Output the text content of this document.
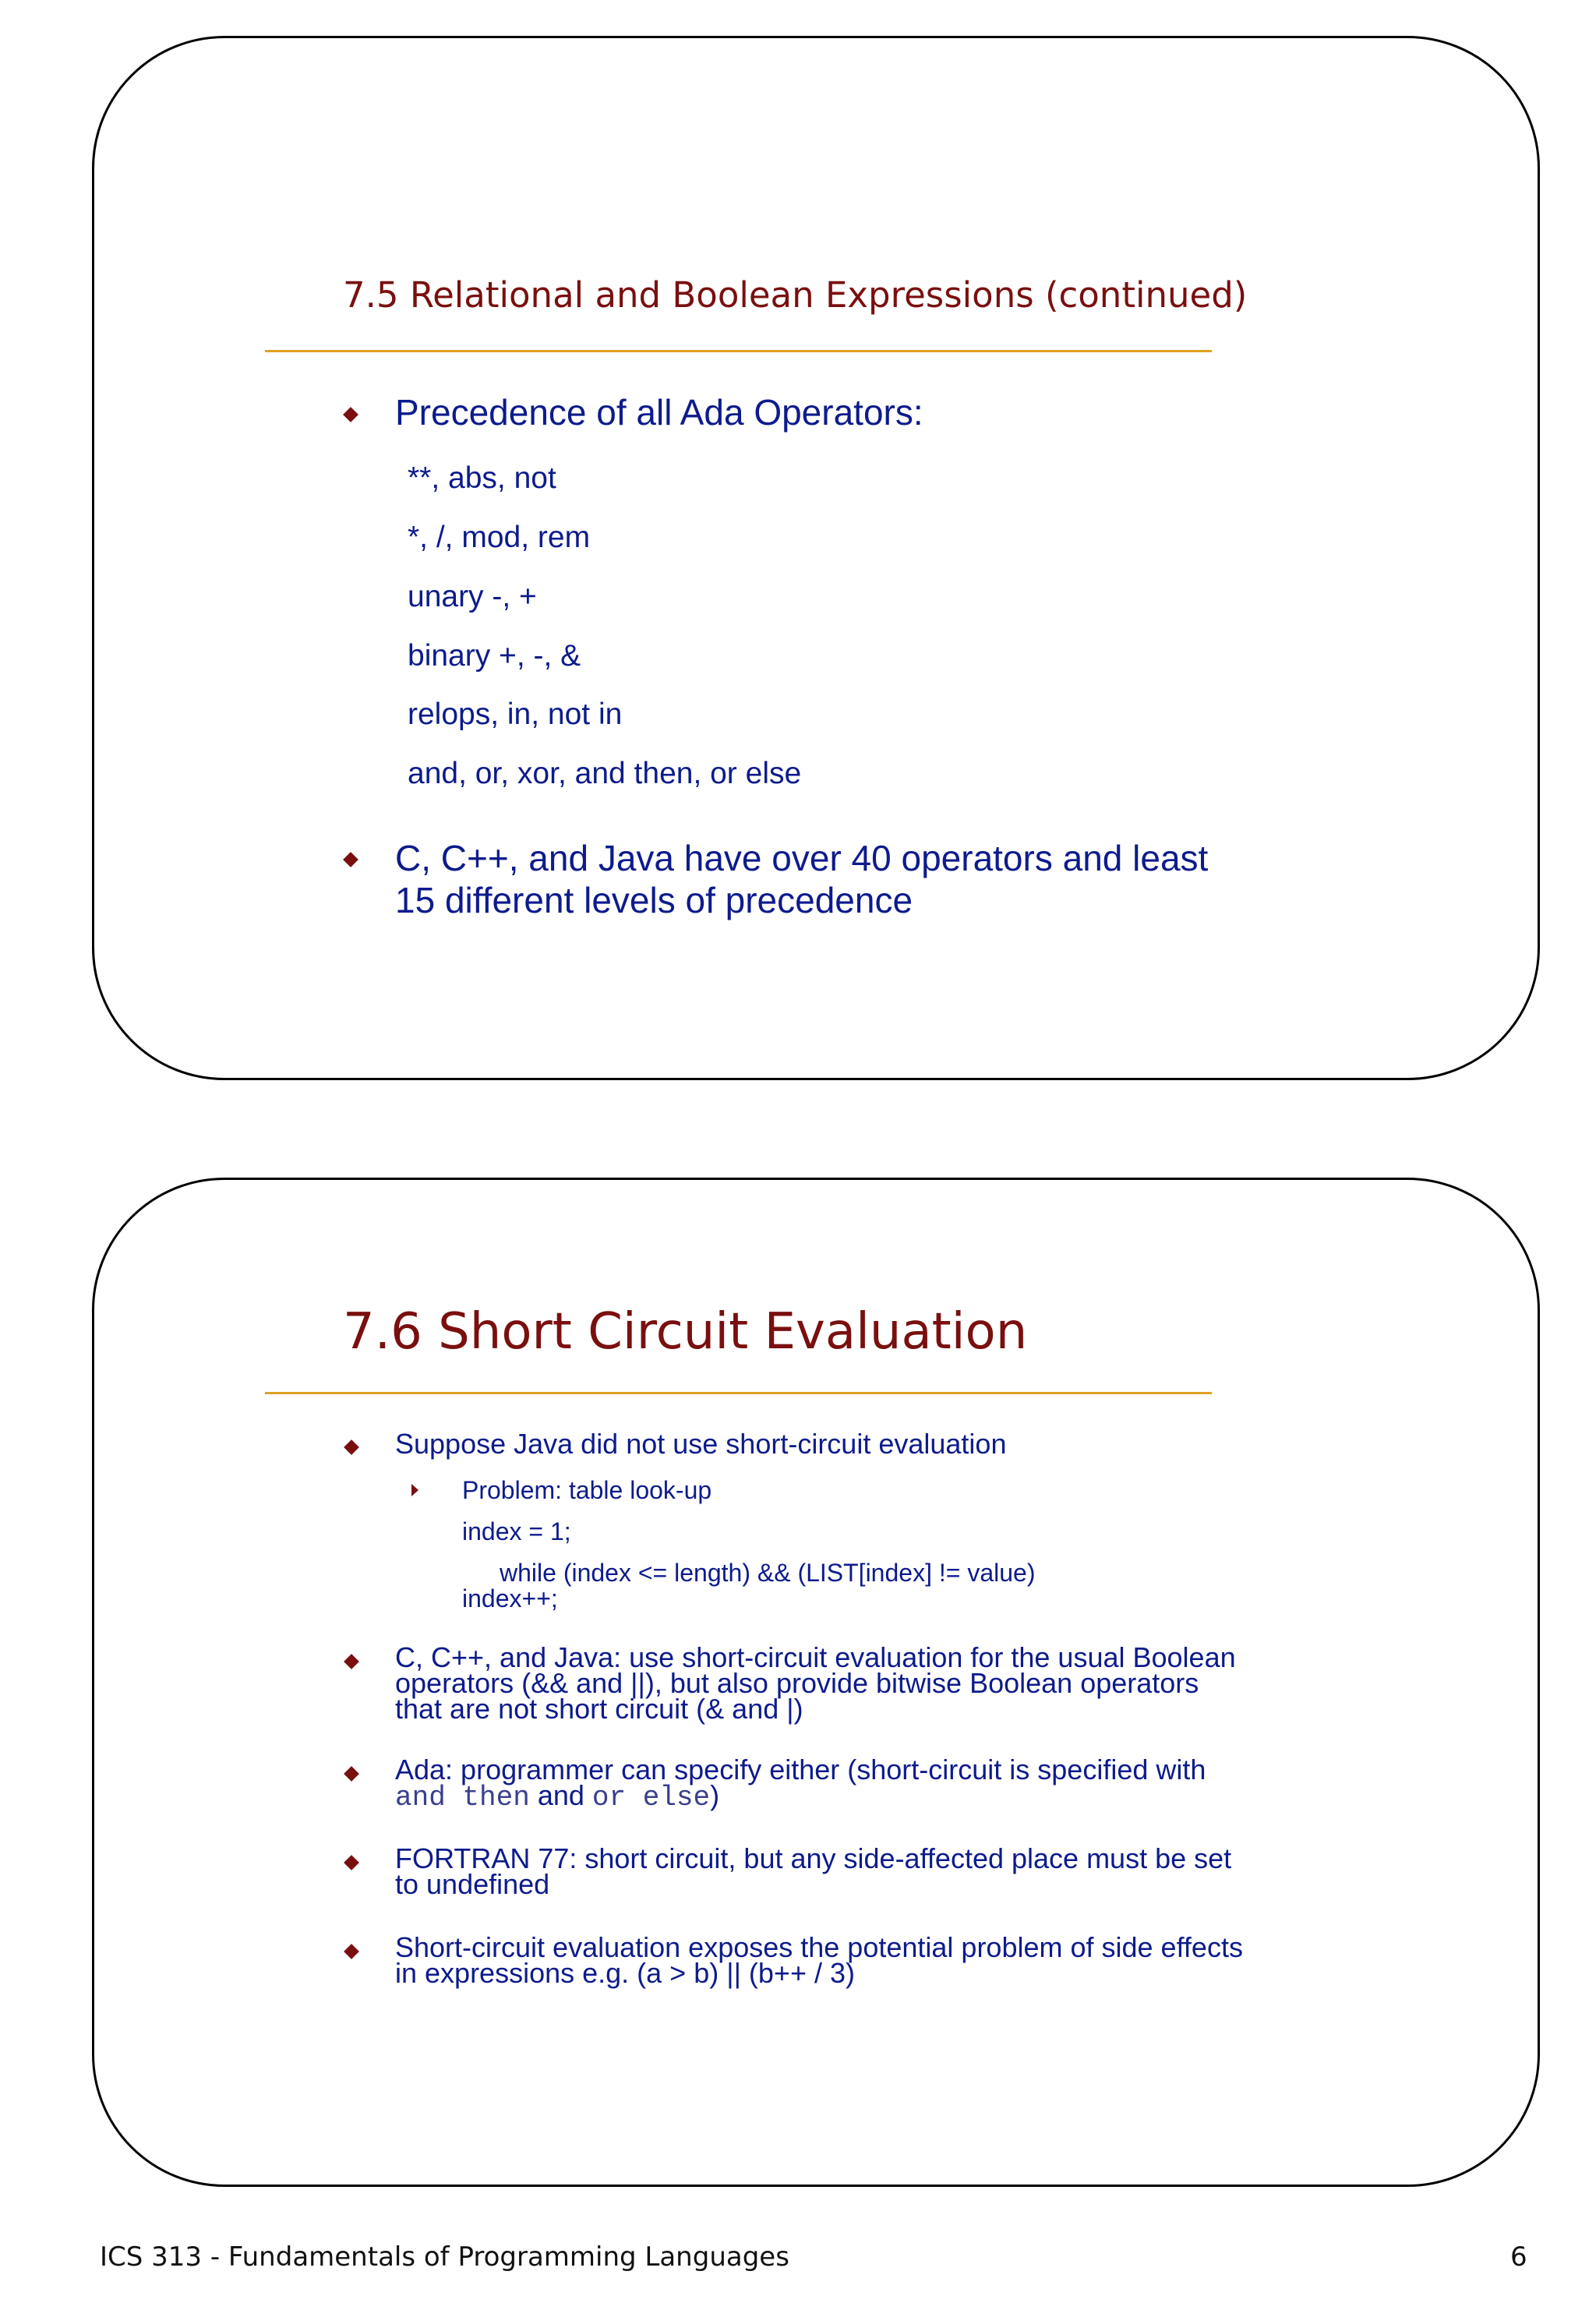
7.5 Relational and Boolean Expressions (continued)
Precedence of all Ada Operators:
**, abs, not
*, /, mod, rem
unary -, +
binary +, -, &
relops, in, not in
and, or, xor, and then, or else
C, C++, and Java have over 40 operators and least
15 different levels of precedence
7.6 Short Circuit Evaluation
Suppose Java did not use short-circuit evaluation
Problem: table look-up
index = 1;
while (index <= length) && (LIST[index] != value)
index++;
C, C++, and Java: use short-circuit evaluation for the usual Boolean
operators (&& and ||), but also provide bitwise Boolean operators
that are not short circuit (& and |)
Ada: programmer can specify either (short-circuit is specified with
and then and or else)
FORTRAN 77: short circuit, but any side-affected place must be set
to undefined
Short-circuit evaluation exposes the potential problem of side effects
in expressions e.g. (a > b) || (b++ / 3)
ICS 313 - Fundamentals of Programming Languages	6
